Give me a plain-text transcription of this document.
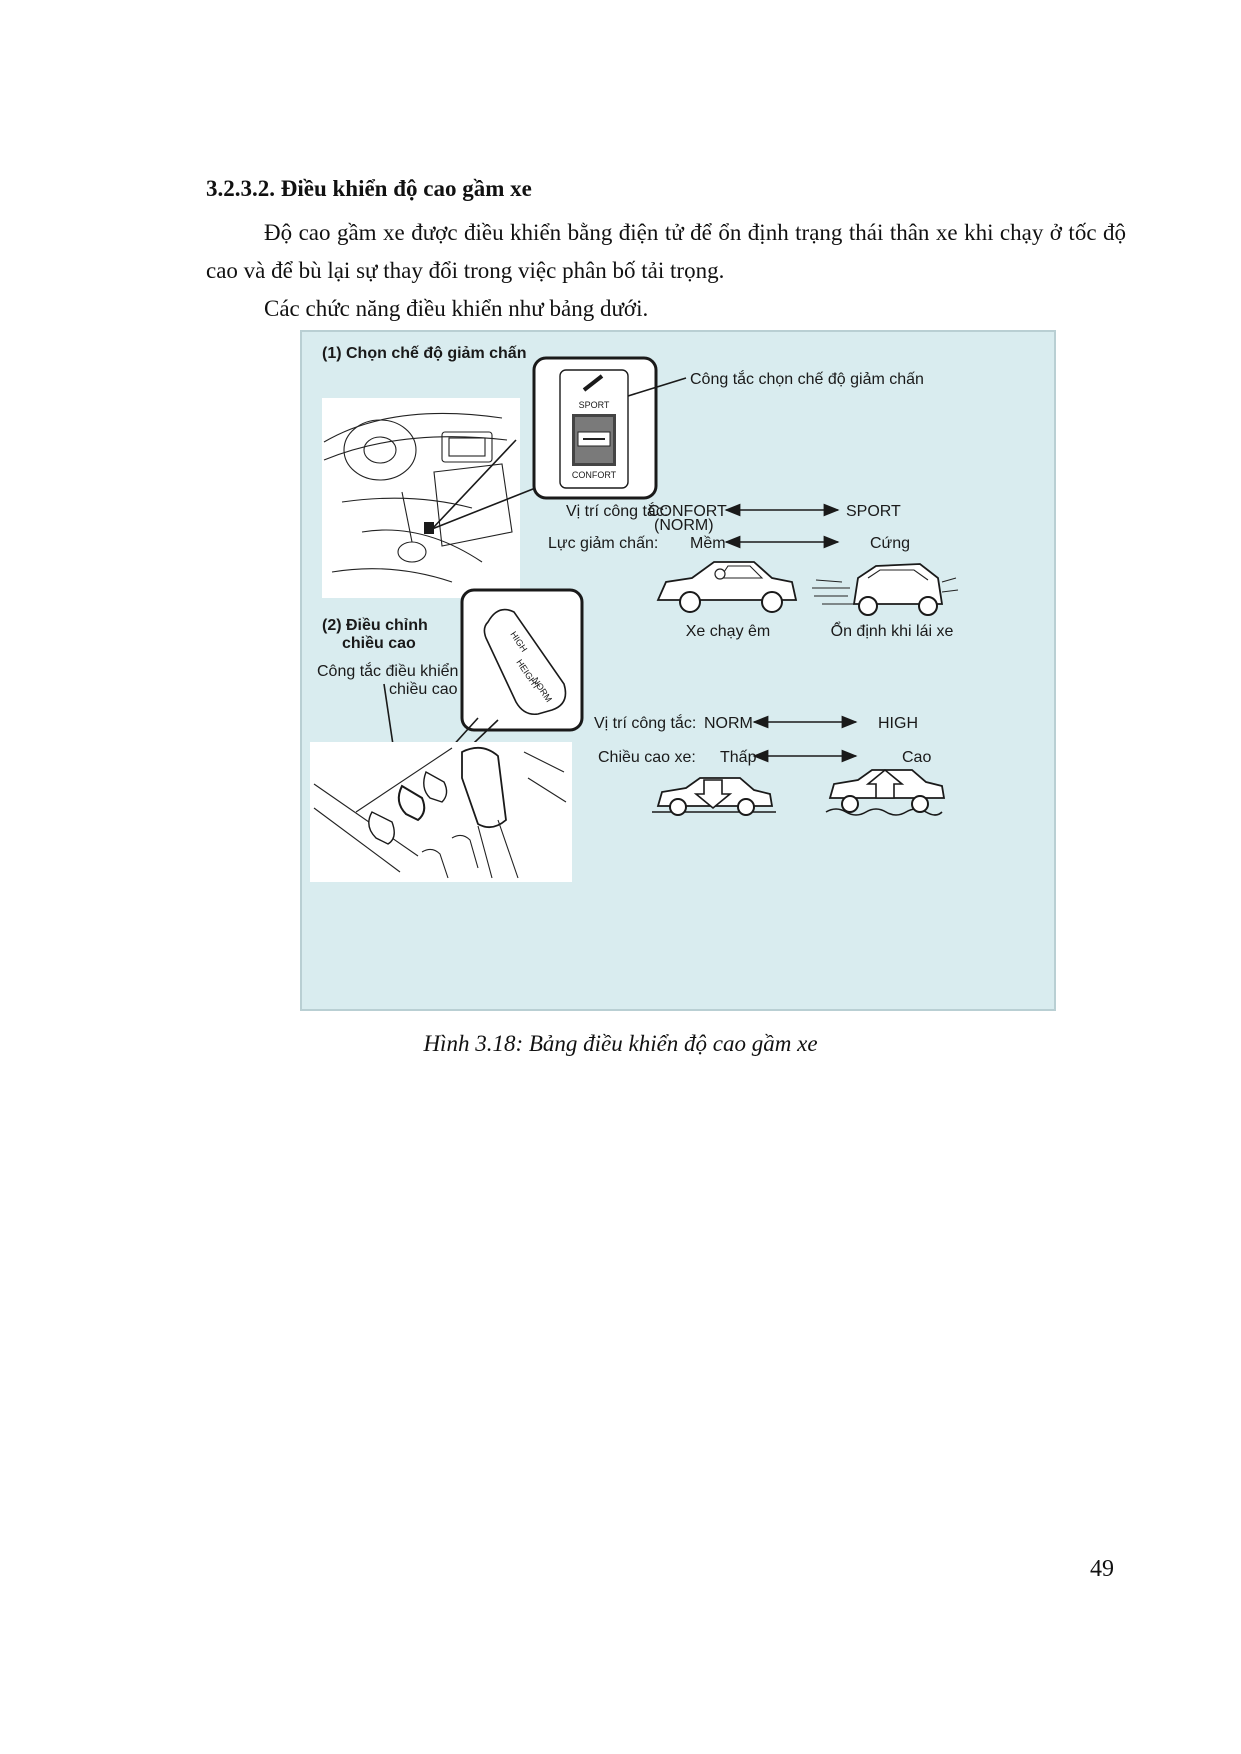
3.2.3.2. Điều khiển độ cao gầm xe
Độ cao gầm xe được điều khiển bằng điện tử để ổn định trạng thái thân xe khi chạy ở tốc độ cao và để bù lại sự thay đổi trong việc phân bố tải trọng.
Các chức năng điều khiển như bảng dưới.
(1) Chọn chế độ giảm chấn
SPORT
CONFORT
Công tắc chọn chế độ giảm chấn
Vị trí công tắc:
CONFORT	SPORT
(NORM)
Lực giảm chấn: Mềm	Cứng
Xe chạy êm	Ổn định khi lái xe
(2) Điều chỉnh
chiều cao
Công tắc điều khiển
chiều cao
HIGH
HEIGHT
NORM
Vị trí công tắc: NORM	HIGH
Chiều cao xe: Thấp	Cao
Hình 3.18: Bảng điều khiển độ cao gầm xe
49
